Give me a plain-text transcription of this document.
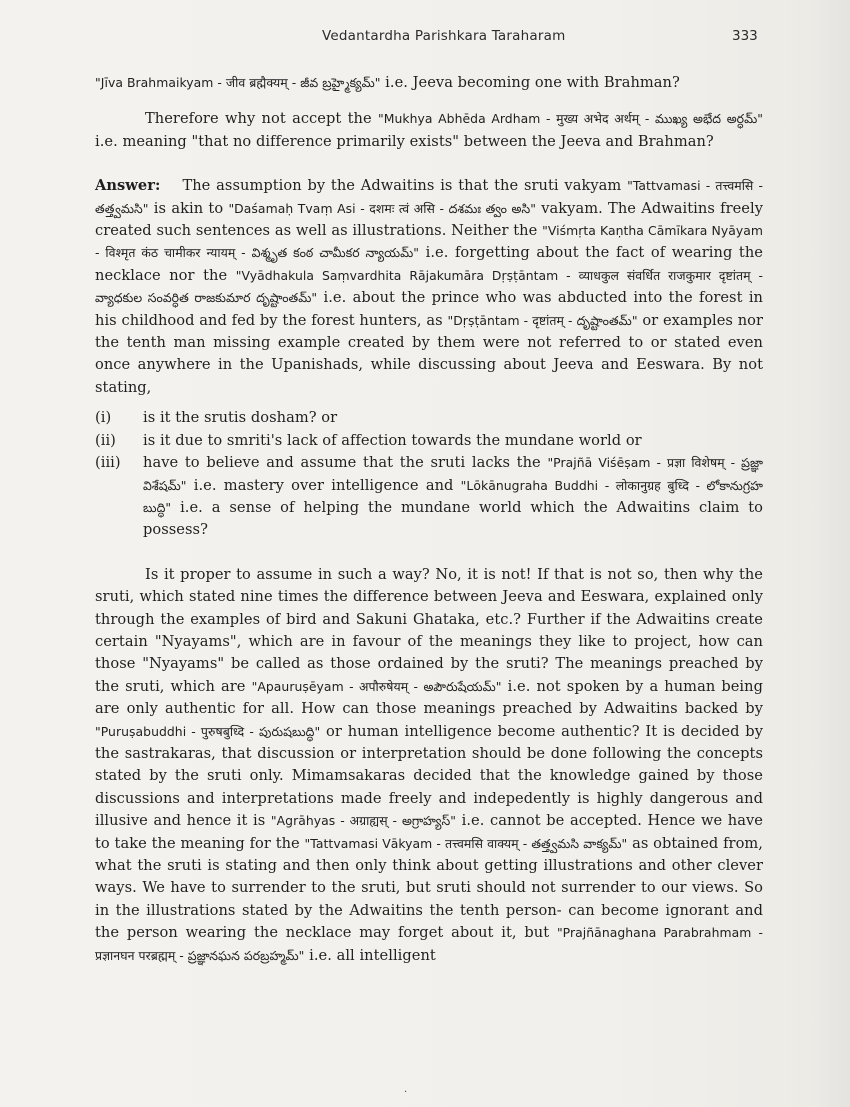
Vedantardha Parishkara Taraharam	333

"Jīva Brahmaikyam - जीव ब्रह्मैक्यम् - జీవ బ్రహ్మైక్యమ్" i.e. Jeeva becoming one with Brahman?

Therefore why not accept the "Mukhya Abhēda Ardham - मुख्य अभेद अर्थम् - ముఖ్య అభేద అర్ధమ్" i.e. meaning "that no difference primarily exists" between the Jeeva and Brahman?

Answer: The assumption by the Adwaitins is that the sruti vakyam "Tattvamasi - तत्त्वमसि - తత్త్వమసి" is akin to "Daśamaḥ Tvaṃ Asi - दशमः त्वं असि - దశమః త్వం అసి" vakyam. The Adwaitins freely created such sentences as well as illustrations. Neither the "Viśmṛta Kaṇtha Cāmīkara Nyāyam - विश्मृत कंठ चामीकर न्यायम् - విశ్మృత కంఠ చామీకర న్యాయమ్" i.e. forgetting about the fact of wearing the necklace nor the "Vyādhakula Saṃvardhita Rājakumāra Dṛṣṭāntam - व्याधकुल संवर्धित राजकुमार दृष्टांतम् - వ్యాధకుల సంవర్ధిత రాజకుమార దృష్టాంతమ్" i.e. about the prince who was abducted into the forest in his childhood and fed by the forest hunters, as "Dṛṣṭāntam - दृष्टांतम् - దృష్టాంతమ్" or examples nor the tenth man missing example created by them were not referred to or stated even once anywhere in the Upanishads, while discussing about Jeeva and Eeswara. By not stating,

(i)	is it the srutis dosham? or
(ii)	is it due to smriti's lack of affection towards the mundane world or
(iii)	have to believe and assume that the sruti lacks the "Prajñā Viśēṣam - प्रज्ञा विशेषम् - ప్రజ్ఞా విశేషమ్" i.e. mastery over intelligence and "Lōkānugraha Buddhi - लोकानुग्रह बुध्दि - లోకానుగ్రహ బుద్ధి" i.e. a sense of helping the mundane world which the Adwaitins claim to possess?

Is it proper to assume in such a way? No, it is not! If that is not so, then why the sruti, which stated nine times the difference between Jeeva and Eeswara, explained only through the examples of bird and Sakuni Ghataka, etc.? Further if the Adwaitins create certain "Nyayams", which are in favour of the meanings they like to project, how can those "Nyayams" be called as those ordained by the sruti? The meanings preached by the sruti, which are "Apauruṣēyam - अपौरुषेयम् - అపౌరుషేయమ్" i.e. not spoken by a human being are only authentic for all. How can those meanings preached by Adwaitins backed by "Puruṣabuddhi - पुरुषबुध्दि - పురుషబుద్ధి" or human intelligence become authentic? It is decided by the sastrakaras, that discussion or interpretation should be done following the concepts stated by the sruti only. Mimamsakaras decided that the knowledge gained by those discussions and interpretations made freely and indepedently is highly dangerous and illusive and hence it is "Agrāhyas - अग्राह्यस् - అగ్రాహ్యస్" i.e. cannot be accepted. Hence we have to take the meaning for the "Tattvamasi Vākyam - तत्त्वमसि वाक्यम् - తత్త్వమసి వాక్యమ్" as obtained from, what the sruti is stating and then only think about getting illustrations and other clever ways. We have to surrender to the sruti, but sruti should not surrender to our views. So in the illustrations stated by the Adwaitins the tenth person- can become ignorant and the person wearing the necklace may forget about it, but "Prajñānaghana Parabrahmam - प्रज्ञानघन परब्रह्मम् - ప్రజ్ఞానఘన పరబ్రహ్మమ్" i.e. all intelligent

.
